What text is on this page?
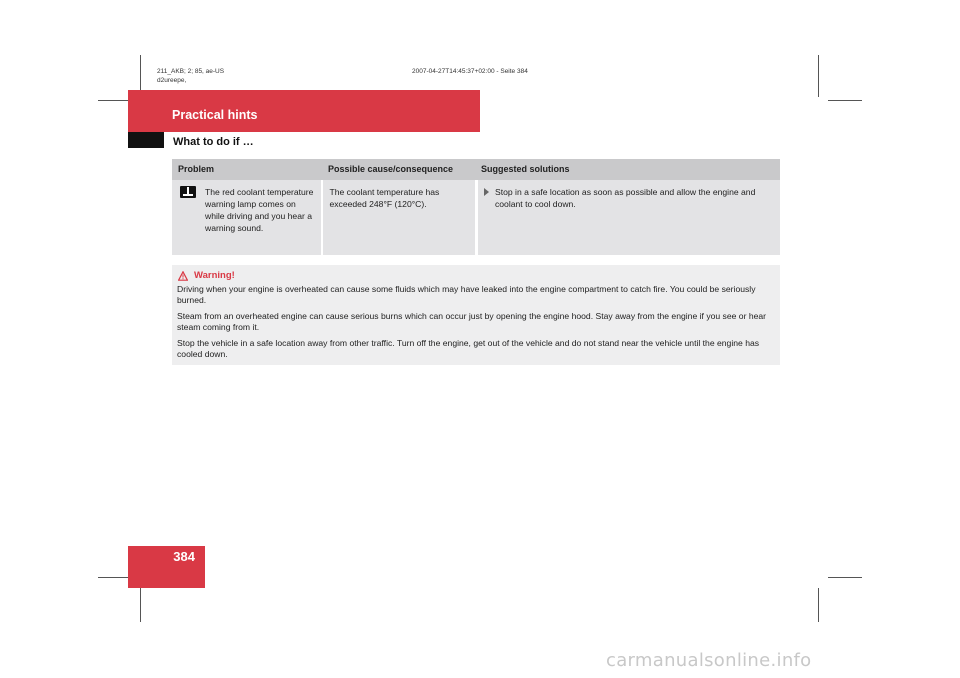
211_AKB; 2; 85, ae-US
d2ureepe,
2007-04-27T14:45:37+02:00 - Seite 384
Practical hints
What to do if …
Problem	Possible cause/consequence	Suggested solutions
The red coolant temperature warning lamp comes on while driving and you hear a warning sound.
The coolant temperature has exceeded 248°F (120°C).
Stop in a safe location as soon as possible and allow the engine and coolant to cool down.
Warning!

Driving when your engine is overheated can cause some fluids which may have leaked into the engine compartment to catch fire. You could be seriously burned.

Steam from an overheated engine can cause serious burns which can occur just by opening the engine hood. Stay away from the engine if you see or hear steam coming from it.

Stop the vehicle in a safe location away from other traffic. Turn off the engine, get out of the vehicle and do not stand near the vehicle until the engine has cooled down.

384
carmanualsonline.info
